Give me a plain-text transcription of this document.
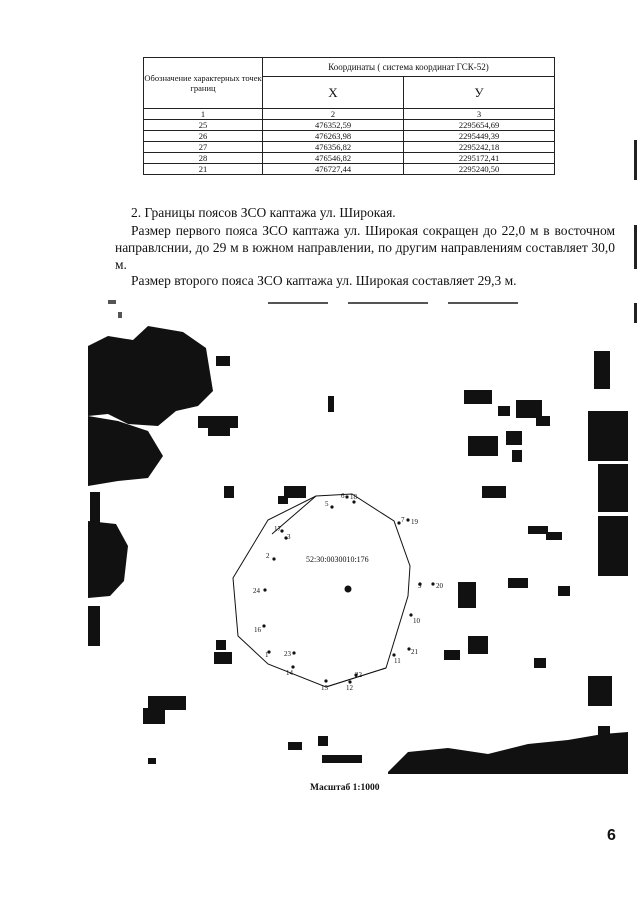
Обозначение характерных точек границ	Координаты ( система координат ГСК-52)	
	X	У
1	2	3
25	476352,59	2295654,69
26	476263,98	2295449,39
27	476356,82	2295242,18
28	476546,82	2295172,41
21	476727,44	2295240,50
2. Границы поясов ЗСО каптажа ул. Широкая.
Размер первого пояса ЗСО каптажа ул. Широкая сокращен до 22,0 м в восточном направлснии, до 29 м в южном направлении, по другим направлениям составляет 30,0 м.
Размер второго пояса ЗСО каптажа ул. Широкая составляет 29,3 м.
52:30:0030010:176
5
6 18
7 19
17
3
2
24
9 20
16
10
1 23
11
21
14
15
22
12
Масштаб 1:1000
6
